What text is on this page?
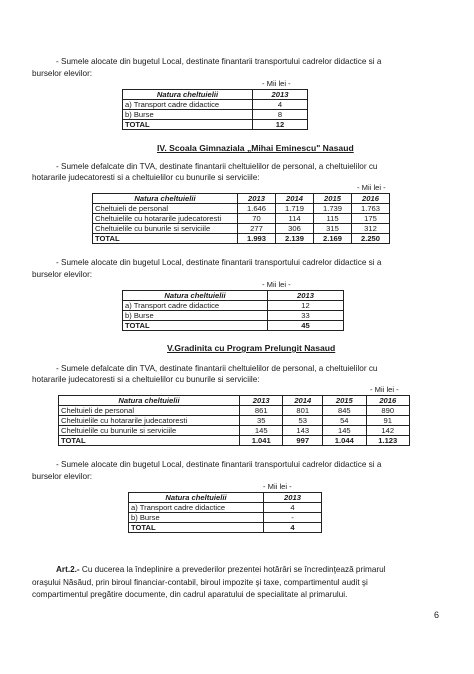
- Sumele alocate din bugetul Local, destinate finantarii transportului cadrelor didactice si a
burselor elevilor:
- Mii lei -
Natura cheltuielii	2013
a) Transport cadre didactice	4
b) Burse	8
TOTAL	12
IV. Scoala Gimnaziala „Mihai Eminescu" Nasaud
- Sumele defalcate din TVA, destinate finantarii cheltuielilor de personal, a cheltuielilor cu
hotararile judecatoresti si a cheltuielilor cu bunurile si serviciile:
- Mii lei -
Natura cheltuielii	2013	2014	2015	2016
Cheltuieli de personal	1.646	1.719	1.739	1.763
Cheltuielile cu hotararile judecatoresti	70	114	115	175
Cheltuielile cu bunurile si serviciile	277	306	315	312
TOTAL	1.993	2.139	2.169	2.250
- Sumele alocate din bugetul Local, destinate finantarii transportului cadrelor didactice si a
burselor elevilor:
- Mii lei -
Natura cheltuielii	2013
a) Transport cadre didactice	12
b) Burse	33
TOTAL	45
V.Gradinita cu Program Prelungit Nasaud
- Sumele defalcate din TVA, destinate finantarii cheltuielilor de personal, a cheltuielilor cu
hotararile judecatoresti si a cheltuielilor cu bunurile si serviciile:
- Mii lei -
Natura cheltuielii	2013	2014	2015	2016
Cheltuieli de personal	861	801	845	890
Cheltuielile cu hotararile judecatoresti	35	53	54	91
Cheltuielile cu bunurile si serviciile	145	143	145	142
TOTAL	1.041	997	1.044	1.123
- Sumele alocate din bugetul Local, destinate finantarii transportului cadrelor didactice si a
burselor elevilor:
- Mii lei -
Natura cheltuielii	2013
a) Transport cadre didactice	4
b) Burse	-
TOTAL	4
Art.2.- Cu ducerea la îndeplinire a prevederilor prezentei hotărâri se încredinţează primarul
oraşului Năsăud, prin biroul financiar-contabil, biroul impozite şi taxe, compartimentul audit şi
compartimentul pregătire documente, din cadrul aparatului de specialitate al primarului.
6
